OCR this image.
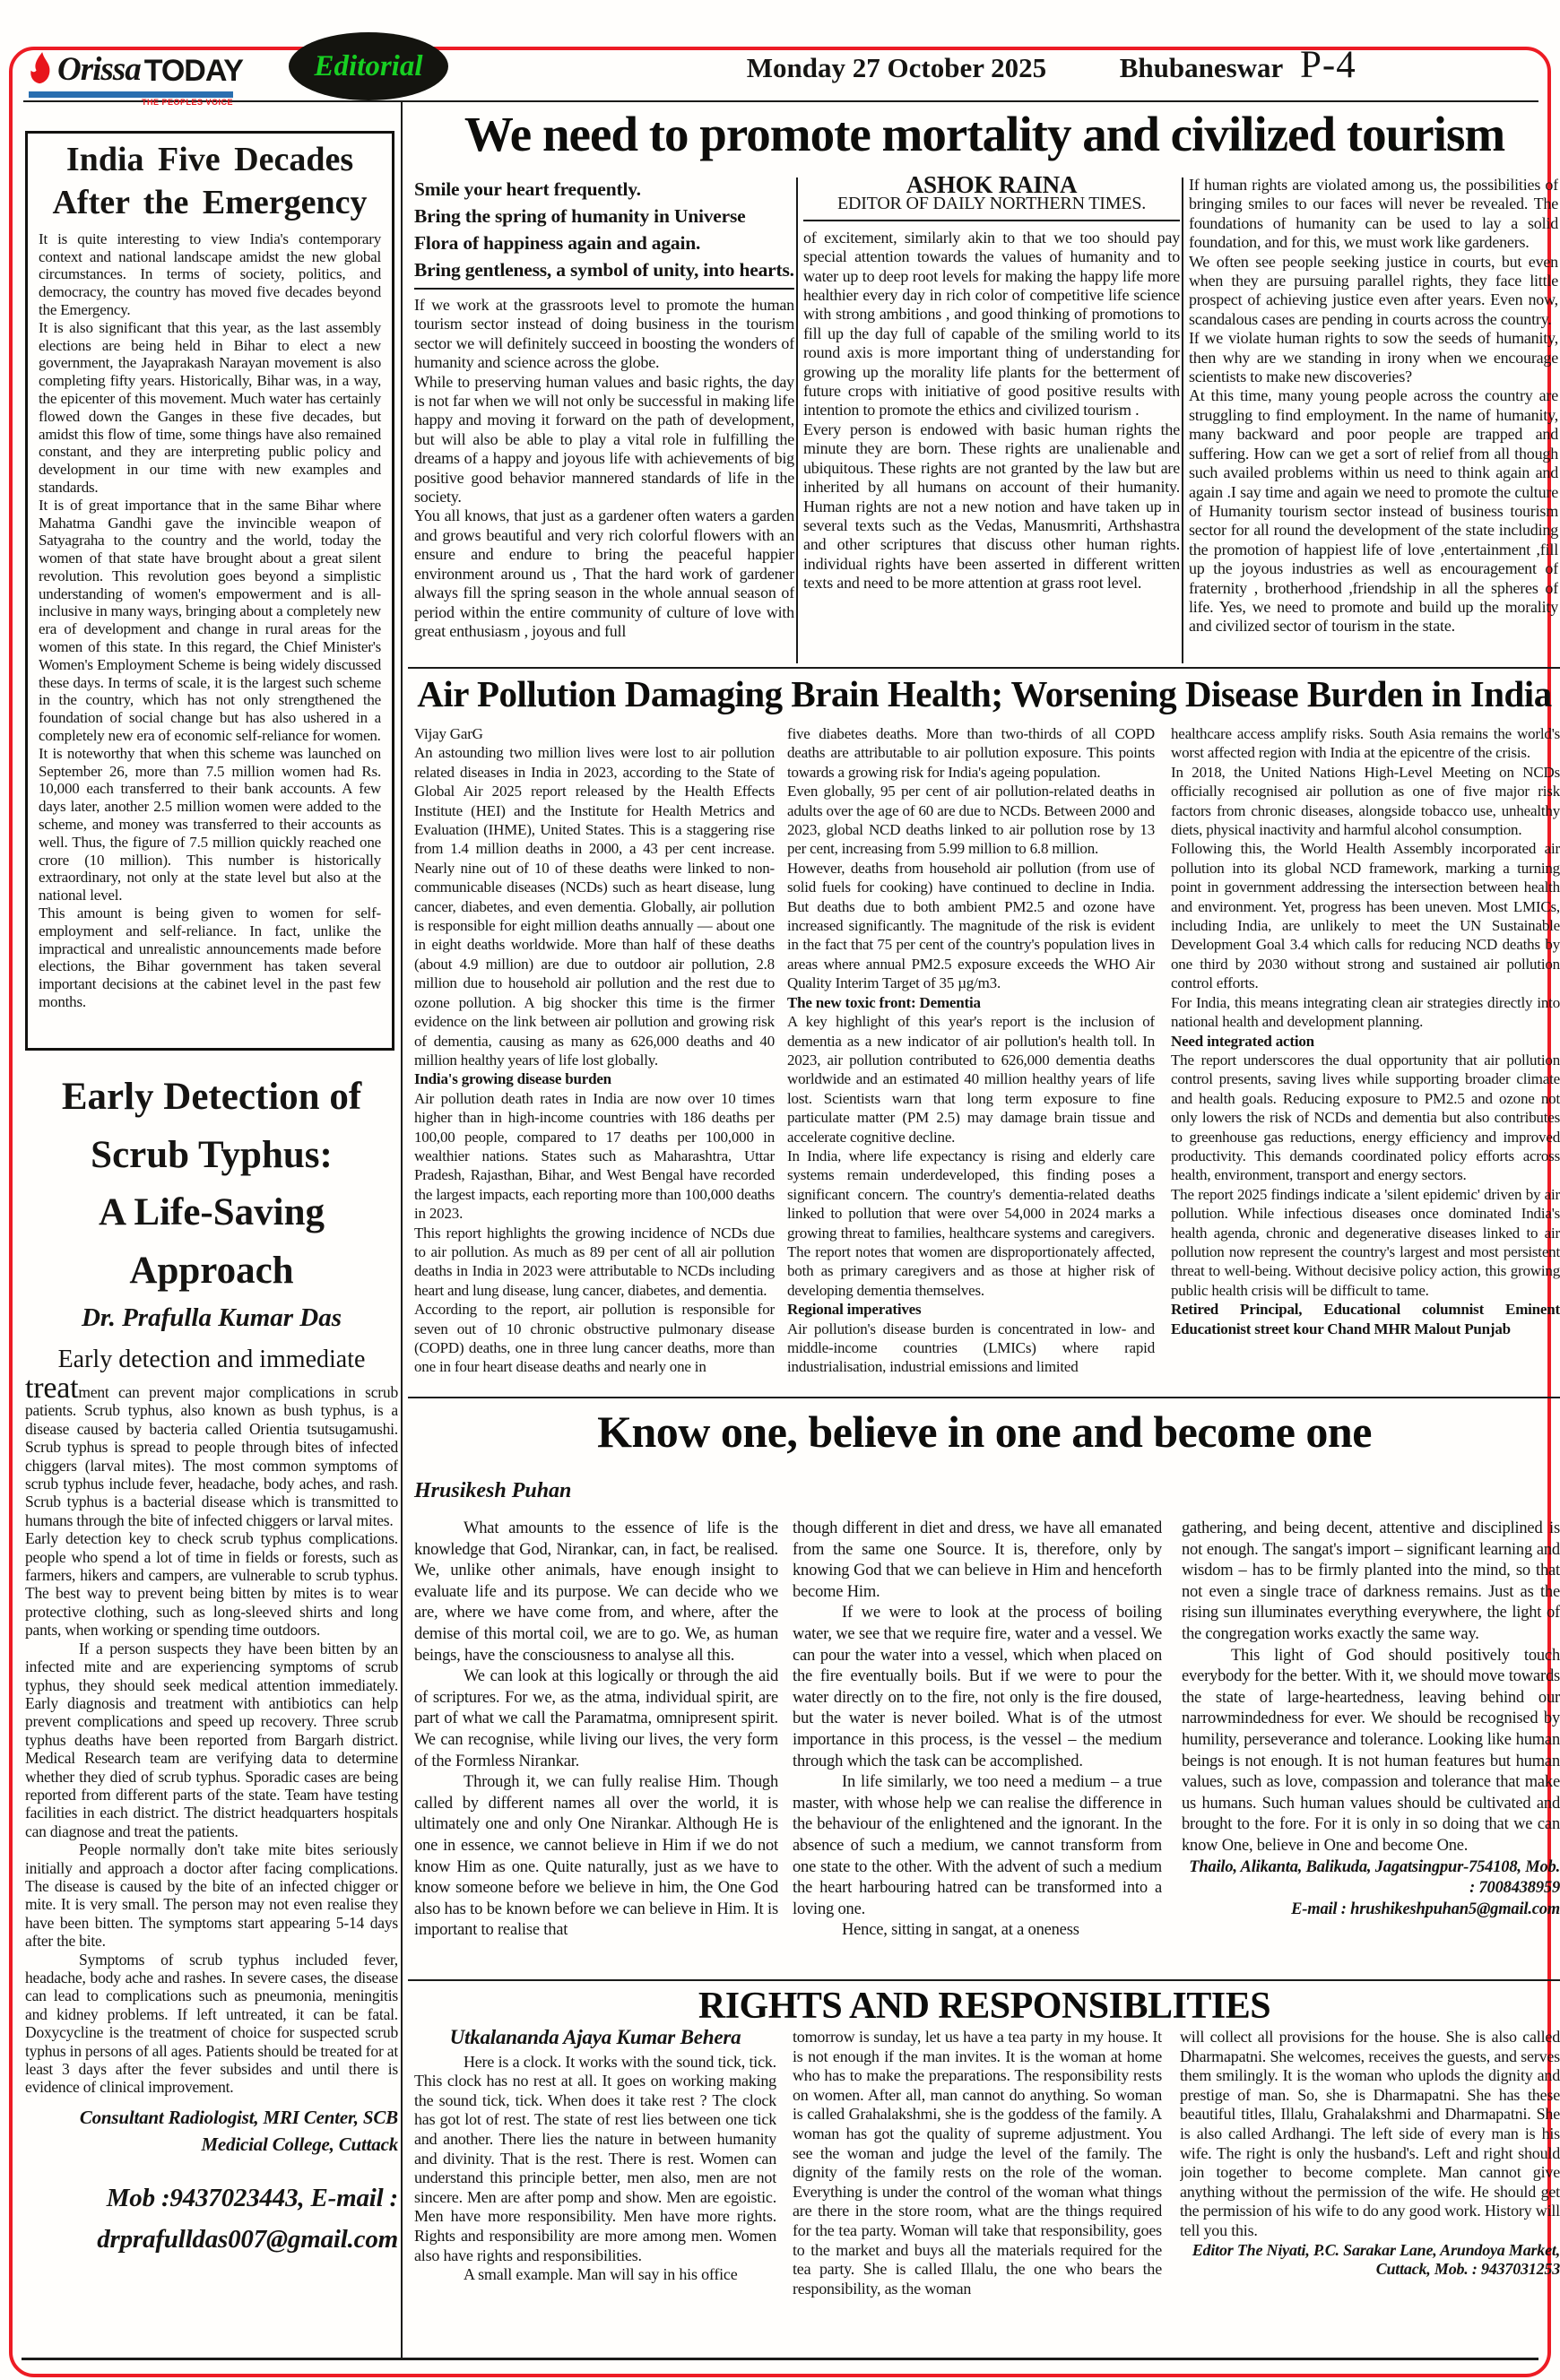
Orissa TODAY
THE PEOPLES VOICE
Editorial	Monday 27 October 2025	Bhubaneswar P-4

India Five Decades

After the Emergency

It is quite interesting to view India's contemporary context and national landscape amidst the new global circumstances. In terms of society, politics, and democracy, the country has moved five decades beyond the Emergency.

It is also significant that this year, as the last assembly elections are being held in Bihar to elect a new government, the Jayaprakash Narayan movement is also completing fifty years. Historically, Bihar was, in a way, the epicenter of this movement. Much water has certainly flowed down the Ganges in these five decades, but amidst this flow of time, some things have also remained constant, and they are interpreting public policy and development in our time with new examples and standards.

It is of great importance that in the same Bihar where Mahatma Gandhi gave the invincible weapon of Satyagraha to the country and the world, today the women of that state have brought about a great silent revolution. This revolution goes beyond a simplistic understanding of women's empowerment and is all-inclusive in many ways, bringing about a completely new era of development and change in rural areas for the women of this state. In this regard, the Chief Minister's Women's Employment Scheme is being widely discussed these days. In terms of scale, it is the largest such scheme in the country, which has not only strengthened the foundation of social change but has also ushered in a completely new era of economic self-reliance for women.

It is noteworthy that when this scheme was launched on September 26, more than 7.5 million women had Rs. 10,000 each transferred to their bank accounts. A few days later, another 2.5 million women were added to the scheme, and money was transferred to their accounts as well. Thus, the figure of 7.5 million quickly reached one crore (10 million). This number is historically extraordinary, not only at the state level but also at the national level.

This amount is being given to women for self-employment and self-reliance. In fact, unlike the impractical and unrealistic announcements made before elections, the Bihar government has taken several important decisions at the cabinet level in the past few months.

Early Detection of

Scrub Typhus:

A Life-Saving

Approach

Dr. Prafulla Kumar Das

Early detection and immediate

treatment can prevent major complications in scrub patients. Scrub typhus, also known as bush typhus, is a disease caused by bacteria called Orientia tsutsugamushi. Scrub typhus is spread to people through bites of infected chiggers (larval mites). The most common symptoms of scrub typhus include fever, headache, body aches, and rash. Scrub typhus is a bacterial disease which is transmitted to humans through the bite of infected chiggers or larval mites.

Early detection key to check scrub typhus complications. people who spend a lot of time in fields or forests, such as farmers, hikers and campers, are vulnerable to scrub typhus. The best way to prevent being bitten by mites is to wear protective clothing, such as long-sleeved shirts and long pants, when working or spending time outdoors.

If a person suspects they have been bitten by an infected mite and are experiencing symptoms of scrub typhus, they should seek medical attention immediately. Early diagnosis and treatment with antibiotics can help prevent complications and speed up recovery. Three scrub typhus deaths have been reported from Bargarh district. Medical Research team are verifying data to determine whether they died of scrub typhus. Sporadic cases are being reported from different parts of the state. Team have testing facilities in each district. The district headquarters hospitals can diagnose and treat the patients.

People normally don't take mite bites seriously initially and approach a doctor after facing complications. The disease is caused by the bite of an infected chigger or mite. It is very small. The person may not even realise they have been bitten. The symptoms start appearing 5-14 days after the bite.

Symptoms of scrub typhus included fever, headache, body ache and rashes. In severe cases, the disease can lead to complications such as pneumonia, meningitis and kidney problems. If left untreated, it can be fatal. Doxycycline is the treatment of choice for suspected scrub typhus in persons of all ages. Patients should be treated for at least 3 days after the fever subsides and until there is evidence of clinical improvement.

Consultant Radiologist, MRI Center, SCB Medicial College, Cuttack

Mob :9437023443, E-mail : drprafulldas007@gmail.com

We need to promote mortality and civilized tourism

Smile your heart frequently.

Bring the spring of humanity in Universe

Flora of happiness again and again.

Bring gentleness, a symbol of unity, into hearts.

If we work at the grassroots level to promote the human tourism sector instead of doing business in the tourism sector we will definitely succeed in boosting the wonders of humanity and science across the globe.

While to preserving human values and basic rights, the day is not far when we will not only be successful in making life happy and moving it forward on the path of development, but will also be able to play a vital role in fulfilling the dreams of a happy and joyous life with achievements of big positive good behavior mannered standards of life in the society.

You all knows, that just as a gardener often waters a garden and grows beautiful and very rich colorful flowers with an ensure and endure to bring the peaceful happier environment around us , That the hard work of gardener always fill the spring season in the whole annual season of period within the entire community of culture of love with great enthusiasm , joyous and full

ASHOK RAINA
EDITOR OF DAILY NORTHERN TIMES.

of excitement, similarly akin to that we too should pay special attention towards the values of humanity and to water up to deep root levels for making the happy life more healthier every day in rich color of competitive life science with strong ambitions , and good thinking of promotions to fill up the day full of capable of the smiling world to its round axis is more important thing of understanding for growing up the morality life plants for the betterment of future crops with initiative of good positive results with intention to promote the ethics and civilized tourism .

Every person is endowed with basic human rights the minute they are born. These rights are unalienable and ubiquitous. These rights are not granted by the law but are inherited by all humans on account of their humanity. Human rights are not a new notion and have taken up in several texts such as the Vedas, Manusmriti, Arthshastra and other scriptures that discuss other human rights. individual rights have been asserted in different written texts and need to be more attention at grass root level.

If human rights are violated among us, the possibilities of bringing smiles to our faces will never be revealed. The foundations of humanity can be used to lay a solid foundation, and for this, we must work like gardeners.

We often see people seeking justice in courts, but even when they are pursuing parallel rights, they face little prospect of achieving justice even after years. Even now, scandalous cases are pending in courts across the country.

If we violate human rights to sow the seeds of humanity, then why are we standing in irony when we encourage scientists to make new discoveries?

At this time, many young people across the country are struggling to find employment. In the name of humanity, many backward and poor people are trapped and suffering. How can we get a sort of relief from all though such availed problems within us need to think again and again .I say time and again we need to promote the culture of Humanity tourism sector instead of business tourism sector for all round the development of the state including the promotion of happiest life of love ,entertainment ,fill up the joyous industries as well as encouragement of fraternity , brotherhood ,friendship in all the spheres of life. Yes, we need to promote and build up the morality and civilized sector of tourism in the state.

Air Pollution Damaging Brain Health; Worsening Disease Burden in India

Vijay GarG

An astounding two million lives were lost to air pollution related diseases in India in 2023, according to the State of Global Air 2025 report released by the Health Effects Institute (HEI) and the Institute for Health Metrics and Evaluation (IHME), United States. This is a staggering rise from 1.4 million deaths in 2000, a 43 per cent increase. Nearly nine out of 10 of these deaths were linked to non-communicable diseases (NCDs) such as heart disease, lung cancer, diabetes, and even dementia. Globally, air pollution is responsible for eight million deaths annually — about one in eight deaths worldwide. More than half of these deaths (about 4.9 million) are due to outdoor air pollution, 2.8 million due to household air pollution and the rest due to ozone pollution. A big shocker this time is the firmer evidence on the link between air pollution and growing risk of dementia, causing as many as 626,000 deaths and 40 million healthy years of life lost globally.

India's growing disease burden

Air pollution death rates in India are now over 10 times higher than in high-income countries with 186 deaths per 100,00 people, compared to 17 deaths per 100,000 in wealthier nations. States such as Maharashtra, Uttar Pradesh, Rajasthan, Bihar, and West Bengal have recorded the largest impacts, each reporting more than 100,000 deaths in 2023.

This report highlights the growing incidence of NCDs due to air pollution. As much as 89 per cent of all air pollution deaths in India in 2023 were attributable to NCDs including heart and lung disease, lung cancer, diabetes, and dementia.

According to the report, air pollution is responsible for seven out of 10 chronic obstructive pulmonary disease (COPD) deaths, one in three lung cancer deaths, more than one in four heart disease deaths and nearly one in

five diabetes deaths. More than two-thirds of all COPD deaths are attributable to air pollution exposure. This points towards a growing risk for India's ageing population.

Even globally, 95 per cent of air pollution-related deaths in adults over the age of 60 are due to NCDs. Between 2000 and 2023, global NCD deaths linked to air pollution rose by 13 per cent, increasing from 5.99 million to 6.8 million.

However, deaths from household air pollution (from use of solid fuels for cooking) have continued to decline in India. But deaths due to both ambient PM2.5 and ozone have increased significantly. The magnitude of the risk is evident in the fact that 75 per cent of the country's population lives in areas where annual PM2.5 exposure exceeds the WHO Air Quality Interim Target of 35 µg/m3.

The new toxic front: Dementia

A key highlight of this year's report is the inclusion of dementia as a new indicator of air pollution's health toll. In 2023, air pollution contributed to 626,000 dementia deaths worldwide and an estimated 40 million healthy years of life lost. Scientists warn that long term exposure to fine particulate matter (PM 2.5) may damage brain tissue and accelerate cognitive decline.

In India, where life expectancy is rising and elderly care systems remain underdeveloped, this finding poses a significant concern. The country's dementia-related deaths linked to pollution that were over 54,000 in 2024 marks a growing threat to families, healthcare systems and caregivers. The report notes that women are disproportionately affected, both as primary caregivers and as those at higher risk of developing dementia themselves.

Regional imperatives

Air pollution's disease burden is concentrated in low- and middle-income countries (LMICs) where rapid industrialisation, industrial emissions and limited

healthcare access amplify risks. South Asia remains the world's worst affected region with India at the epicentre of the crisis.

In 2018, the United Nations High-Level Meeting on NCDs officially recognised air pollution as one of five major risk factors from chronic diseases, alongside tobacco use, unhealthy diets, physical inactivity and harmful alcohol consumption.

Following this, the World Health Assembly incorporated air pollution into its global NCD framework, marking a turning point in government addressing the intersection between health and environment. Yet, progress has been uneven. Most LMICs, including India, are unlikely to meet the UN Sustainable Development Goal 3.4 which calls for reducing NCD deaths by one third by 2030 without strong and sustained air pollution control efforts.

For India, this means integrating clean air strategies directly into national health and development planning.

Need integrated action

The report underscores the dual opportunity that air pollution control presents, saving lives while supporting broader climate and health goals. Reducing exposure to PM2.5 and ozone not only lowers the risk of NCDs and dementia but also contributes to greenhouse gas reductions, energy efficiency and improved productivity. This demands coordinated policy efforts across health, environment, transport and energy sectors.

The report 2025 findings indicate a 'silent epidemic' driven by air pollution. While infectious diseases once dominated India's health agenda, chronic and degenerative diseases linked to air pollution now represent the country's largest and most persistent threat to well-being. Without decisive policy action, this growing public health crisis will be difficult to tame.

Retired Principal, Educational columnist Eminent Educationist street kour Chand MHR Malout Punjab

Know one, believe in one and become one
Hrusikesh Puhan

What amounts to the essence of life is the knowledge that God, Nirankar, can, in fact, be realised. We, unlike other animals, have enough insight to evaluate life and its purpose. We can decide who we are, where we have come from, and where, after the demise of this mortal coil, we are to go. We, as human beings, have the consciousness to analyse all this.

We can look at this logically or through the aid of scriptures. For we, as the atma, individual spirit, are part of what we call the Paramatma, omnipresent spirit. We can recognise, while living our lives, the very form of the Formless Nirankar.

Through it, we can fully realise Him. Though called by different names all over the world, it is ultimately one and only One Nirankar. Although He is one in essence, we cannot believe in Him if we do not know Him as one. Quite naturally, just as we have to know someone before we believe in him, the One God also has to be known before we can believe in Him. It is important to realise that

though different in diet and dress, we have all emanated from the same one Source. It is, therefore, only by knowing God that we can believe in Him and henceforth become Him.

If we were to look at the process of boiling water, we see that we require fire, water and a vessel. We can pour the water into a vessel, which when placed on the fire eventually boils. But if we were to pour the water directly on to the fire, not only is the fire doused, but the water is never boiled. What is of the utmost importance in this process, is the vessel – the medium through which the task can be accomplished.

In life similarly, we too need a medium – a true master, with whose help we can realise the difference in the behaviour of the enlightened and the ignorant. In the absence of such a medium, we cannot transform from one state to the other. With the advent of such a medium the heart harbouring hatred can be transformed into a loving one.

Hence, sitting in sangat, at a oneness

gathering, and being decent, attentive and disciplined is not enough. The sangat's import – significant learning and wisdom – has to be firmly planted into the mind, so that not even a single trace of darkness remains. Just as the rising sun illuminates everything everywhere, the light of the congregation works exactly the same way.

This light of God should positively touch everybody for the better. With it, we should move towards the state of large-heartedness, leaving behind our narrowmindedness for ever. We should be recognised by humility, perseverance and tolerance. Looking like human beings is not enough. It is not human features but human values, such as love, compassion and tolerance that make us humans. Such human values should be cultivated and brought to the fore. For it is only in so doing that we can know One, believe in One and become One.

Thailo, Alikanta, Balikuda, Jagatsingpur-754108, Mob. : 7008438959

E-mail : hrushikeshpuhan5@gmail.com

RIGHTS AND RESPONSIBLITIES

Utkalananda Ajaya Kumar Behera

Here is a clock. It works with the sound tick, tick. This clock has no rest at all. It goes on working making the sound tick, tick. When does it take rest ? The clock has got lot of rest. The state of rest lies between one tick and another. There lies the nature in between humanity and divinity. That is the rest. There is rest. Women can understand this principle better, men also, men are not sincere. Men are after pomp and show. Men are egoistic. Men have more responsibility. Men have more rights. Rights and responsibility are more among men. Women also have rights and responsibilities.

A small example. Man will say in his office

tomorrow is sunday, let us have a tea party in my house. It is not enough if the man invites. It is the woman at home who has to make the preparations. The responsibility rests on women. After all, man cannot do anything. So woman is called Grahalakshmi, she is the goddess of the family. A woman has got the quality of supreme adjustment. You see the woman and judge the level of the family. The dignity of the family rests on the role of the woman. Everything is under the control of the woman what things are there in the store room, what are the things required for the tea party. Woman will take that responsibility, goes to the market and buys all the materials required for the tea party. She is called Illalu, the one who bears the responsibility, as the woman

will collect all provisions for the house. She is also called Dharmapatni. She welcomes, receives the guests, and serves them smilingly. It is the woman who uplods the dignity and prestige of man. So, she is Dharmapatni. She has these beautiful titles, Illalu, Grahalakshmi and Dharmapatni. She is also called Ardhangi. The left side of every man is his wife. The right is only the husband's. Left and right should join together to become complete. Man cannot give anything without the permission of the wife. He should get the permission of his wife to do any good work. History will tell you this.

Editor The Niyati, P.C. Sarakar Lane, Arundoya Market, Cuttack, Mob. : 9437031253
